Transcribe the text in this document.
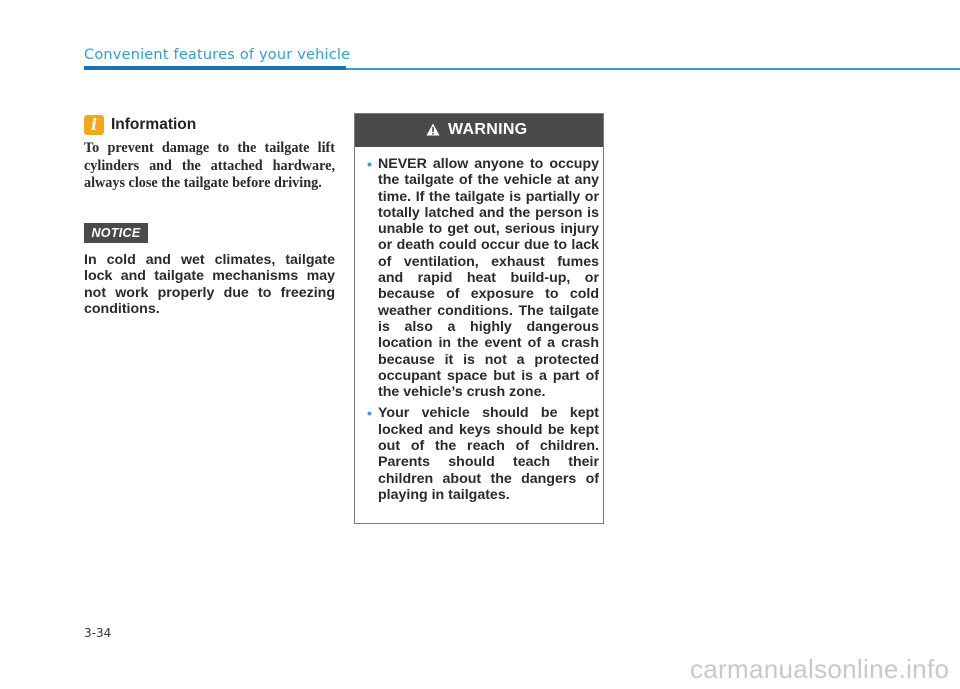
Convenient features of your vehicle
i Information

To prevent damage to the tailgate lift cylinders and the attached hardware, always close the tailgate before driving.

NOTICE

In cold and wet climates, tailgate lock and tailgate mechanisms may not work properly due to freezing conditions.

WARNING
• NEVER allow anyone to occupy the tailgate of the vehicle at any time. If the tailgate is partially or totally latched and the person is unable to get out, serious injury or death could occur due to lack of ventilation, exhaust fumes and rapid heat build-up, or because of exposure to cold weather conditions. The tailgate is also a highly dangerous location in the event of a crash because it is not a protected occupant space but is a part of the vehicle’s crush zone.
• Your vehicle should be kept locked and keys should be kept out of the reach of children. Parents should teach their children about the dangers of playing in tailgates.
3-34
carmanualsonline.info
